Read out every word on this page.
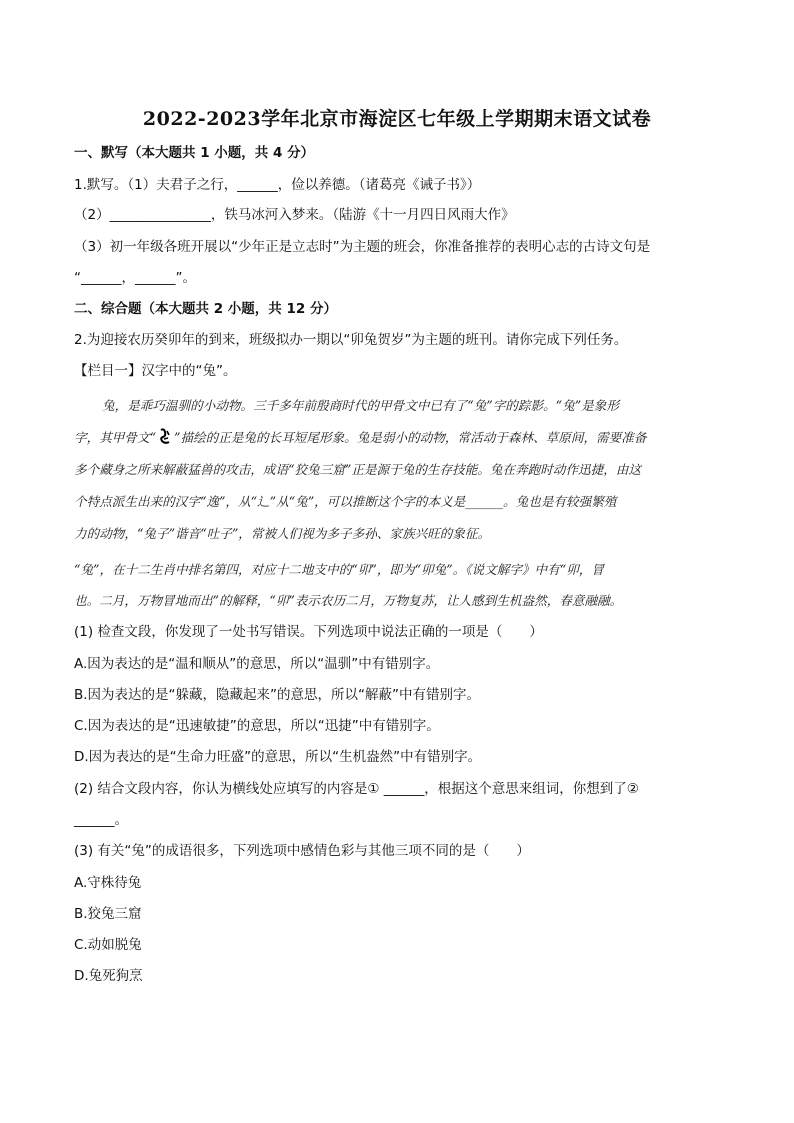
2022-2023学年北京市海淀区七年级上学期期末语文试卷
一、默写（本大题共 1 小题，共 4 分）
1.默写。（1）夫君子之行，______，俭以养德。（诸葛亮《诫子书》）
（2）_______________，铁马冰河入梦来。（陆游《十一月四日风雨大作》
（3）初一年级各班开展以“少年正是立志时”为主题的班会，你准备推荐的表明心志的古诗文句是
“______，______”。
二、综合题（本大题共 2 小题，共 12 分）
2.为迎接农历癸卯年的到来，班级拟办一期以“卯兔贺岁”为主题的班刊。请你完成下列任务。
【栏目一】汉字中的“兔”。
兔，是乖巧温驯的小动物。三千多年前殷商时代的甲骨文中已有了“兔”字的踪影。“兔”是象形
字，其甲骨文“ ”描绘的正是兔的长耳短尾形象。兔是弱小的动物，常活动于森林、草原间，需要准备
多个藏身之所来解蔽猛兽的攻击，成语“狡兔三窟”正是源于兔的生存技能。兔在奔跑时动作迅捷，由这
个特点派生出来的汉字“逸”，从“辶”从“兔”，可以推断这个字的本义是______。兔也是有较强繁殖
力的动物，“兔子”谐音“吐子”，常被人们视为多子多孙、家族兴旺的象征。
“兔”，在十二生肖中排名第四，对应十二地支中的“卯”，即为“卯兔”。《说文解字》中有“卯，冒
也。二月，万物冒地而出”的解释，“卯”表示农历二月，万物复苏，让人感到生机盎然，春意融融。
(1) 检查文段，你发现了一处书写错误。下列选项中说法正确的一项是（　　）
A.因为表达的是“温和顺从”的意思，所以“温驯”中有错别字。
B.因为表达的是“躲藏，隐藏起来”的意思，所以“解蔽”中有错别字。
C.因为表达的是“迅速敏捷”的意思，所以“迅捷”中有错别字。
D.因为表达的是“生命力旺盛”的意思，所以“生机盎然”中有错别字。
(2) 结合文段内容，你认为横线处应填写的内容是① ______，根据这个意思来组词，你想到了②
______。
(3) 有关“兔”的成语很多，下列选项中感情色彩与其他三项不同的是（　　）
A.守株待兔
B.狡兔三窟
C.动如脱兔
D.兔死狗烹
